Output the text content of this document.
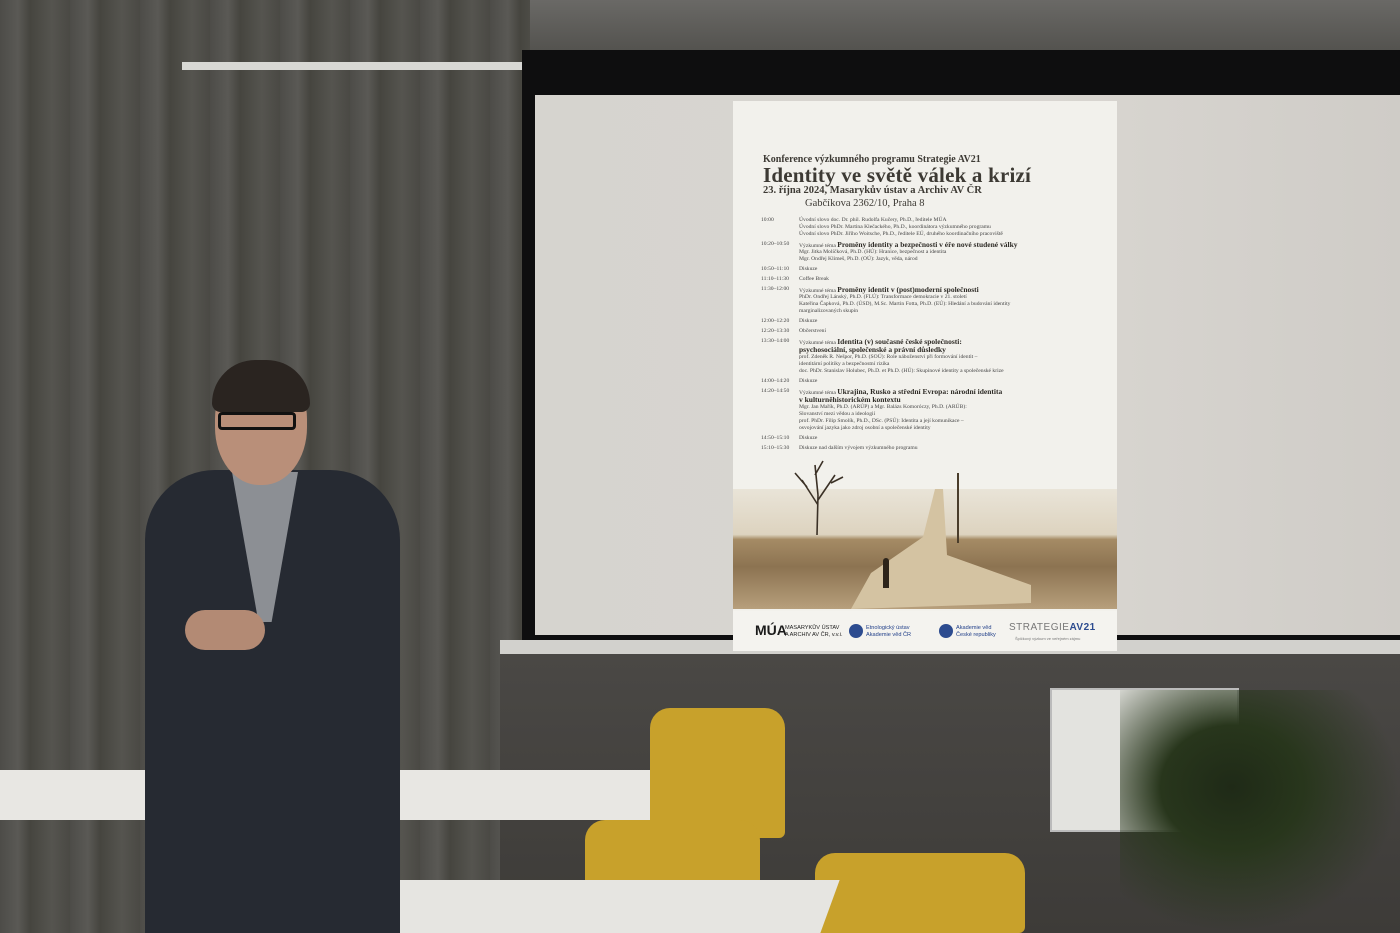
Konference výzkumného programu Strategie AV21
Identity ve světě válek a krizí
23. října 2024, Masarykův ústav a Archiv AV ČR
Gabčíkova 2362/10, Praha 8
10:00	Úvodní slovo doc. Dr. phil. Rudolfa Kučery, Ph.D., ředitele MÚA
Úvodní slovo PhDr. Martina Klečackého, Ph.D., koordinátora výzkumného programu
Úvodní slovo PhDr. Jiřího Woitsche, Ph.D., ředitele EÚ, druhého koordinačního pracoviště
10:20–10:50	Výzkumné téma Proměny identity a bezpečnosti v éře nové studené války
Mgr. Jitka Molíčková, Ph.D. (HÚ): Hranice, bezpečnost a identita
Mgr. Ondřej Klimeš, Ph.D. (OÚ): Jazyk, věda, národ
10:50–11:10	Diskuze
11:10–11:30	Coffee Break
11:30–12:00	Výzkumné téma Proměny identit v (post)moderní společnosti
PhDr. Ondřej Lánský, Ph.D. (FLÚ): Transformace demokracie v 21. století
Kateřina Čapková, Ph.D. (ÚSD), M.Sc. Martin Fotta, Ph.D. (EÚ): Hledání a budování identity
marginalizovaných skupin
12:00–12:20	Diskuze
12:20–13:30	Občerstvení
13:30–14:00	Výzkumné téma Identita (v) současné české společnosti:
psychosociální, společenské a právní důsledky
prof. Zdeněk R. Nešpor, Ph.D. (SOÚ): Role náboženství při formování identit –
identitární politiky a bezpečnostní rizika
doc. PhDr. Stanislav Holubec, Ph.D. et Ph.D. (HÚ): Skupinové identity a společenské krize
14:00–14:20	Diskuze
14:20–14:50	Výzkumné téma Ukrajina, Rusko a střední Evropa: národní identita
v kulturněhistorickém kontextu
Mgr. Jan Mařík, Ph.D. (ARÚP) a Mgr. Balázs Komoróczy, Ph.D. (ARÚB):
Slovanství mezi vědou a ideologií
prof. PhDr. Filip Smolík, Ph.D., DSc. (PSÚ): Identita a její komunikace –
osvojování jazyka jako zdroj osobní a společenské identity
14:50–15:10	Diskuze
15:10–15:30	Diskuze nad dalším vývojem výzkumného programu
MÚA
MASARYKŮV ÚSTAV
A ARCHIV AV ČR, v.v.i.
Etnologický ústav
Akademie věd ČR
Akademie věd
České republiky
STRATEGIEAV21
Špičkový výzkum ve veřejném zájmu
